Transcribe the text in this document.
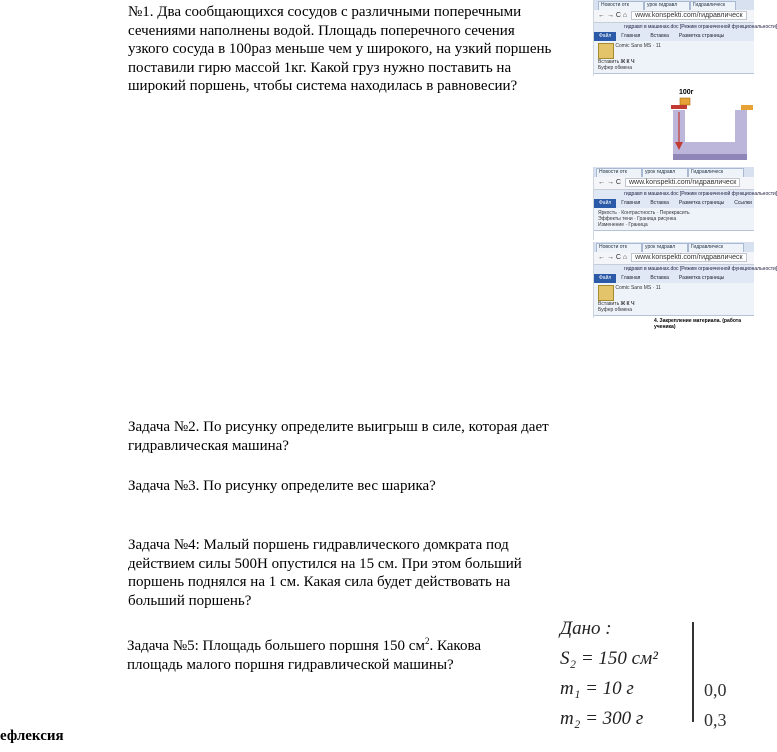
№1. Два сообщающихся сосудов с различными поперечными сечениями наполнены водой. Площадь поперечного сечения узкого сосуда в 100раз меньше чем у широкого, на узкий поршень поставили гирю массой 1кг. Какой груз нужно поставить на широкий поршень, чтобы система находилась в равновесии?

Задача №2. По рисунку определите выигрыш в силе, которая дает гидравлическая машина?

Задача №3. По рисунку определите вес шарика?

Задача №4: Малый поршень гидравлического домкрата под действием силы 500Н опустился на 15 см. При этом больший поршень поднялся на 1 см. Какая сила будет действовать на больший поршень?

Задача №5: Площадь большего поршня 150 $см^2$. Какова площадь малого поршня гидравлической машины?

Новости отк	урок гидравл	Гидравлическ
← → C ⌂ www.konspekti.com/гидравлическ
гидравл в машинах.doc [Режим ограниченной функциональности]
Файл Главная Вставка Разметка страницы
Comic Sans MS · 11
Вставить Ж К Ч
Буфер обмена
100г
Новости отк	урок гидравл	Гидравлическ
← → C www.konspekti.com/гидравлическ
гидравл в машинах.doc [Режим ограниченной функциональности]
Файл Главная Вставка Разметка страницы Ссылки
Яркость · Контрастность · Перекрасить
Эффекты тени · Граница рисунка
Изменение · Граница
Новости отк	урок гидравл	Гидравлическ
← → C ⌂ www.konspekti.com/гидравлическ
гидравл в машинах.doc [Режим ограниченной функциональности]
Файл Главная Вставка Разметка страницы
Comic Sans MS · 11
Вставить Ж К Ч
Буфер обмена
4. Закрепление материала. (работа ученика)
Дано :
S₂ = 150 см²
m₁ = 10 г
m₂ = 300 г
0,0
0,3
ефлексия
